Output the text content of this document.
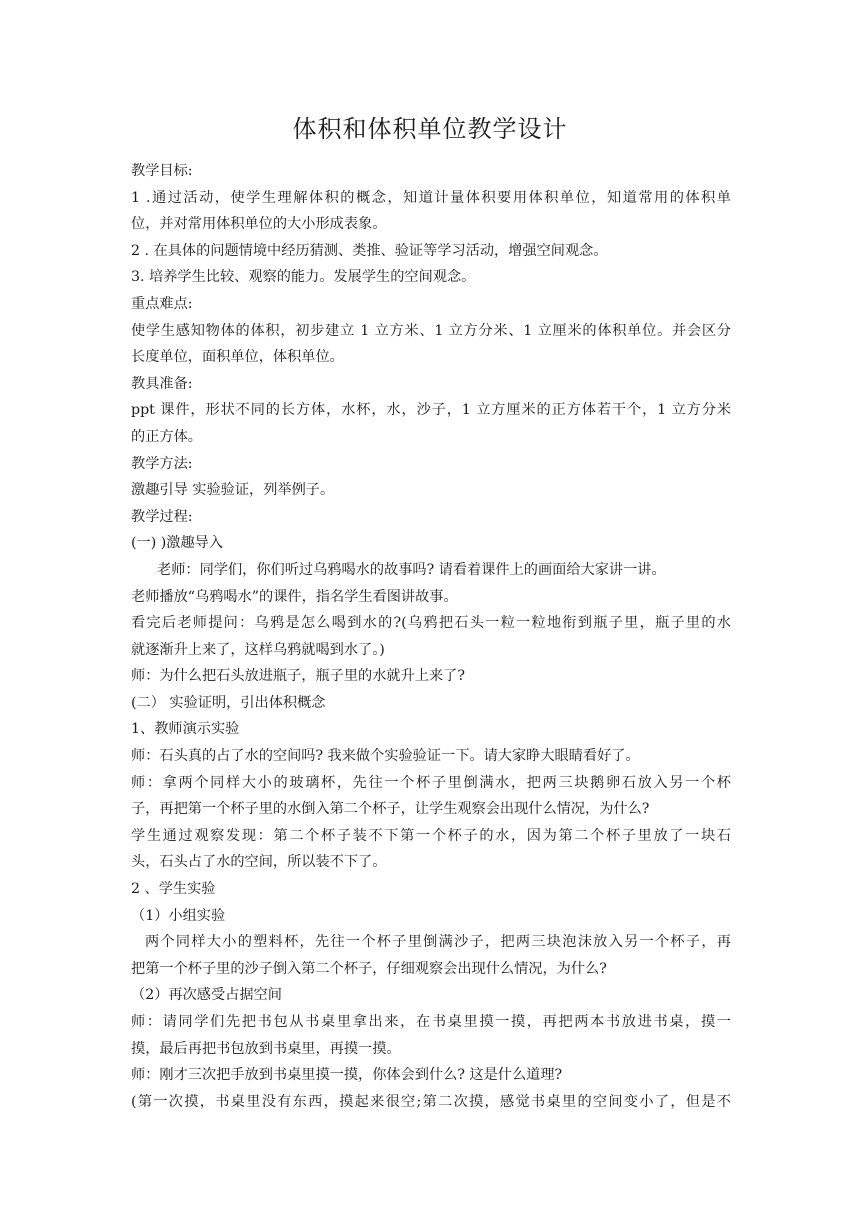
体积和体积单位教学设计
教学目标:
1 .通过活动，使学生理解体积的概念，知道计量体积要用体积单位，知道常用的体积单
位，并对常用体积单位的大小形成表象。
2 . 在具体的问题情境中经历猜测、类推、验证等学习活动，增强空间观念。
3. 培养学生比较、观察的能力。发展学生的空间观念。
重点难点:
使学生感知物体的体积，初步建立 1 立方米、1 立方分米、1 立厘米的体积单位。并会区分
长度单位，面积单位，体积单位。
教具准备:
ppt 课件，形状不同的长方体，水杯，水，沙子，1 立方厘米的正方体若干个，1 立方分米
的正方体。
教学方法:
激趣引导 实验验证，列举例子。
教学过程:
(一) )激趣导入
老师：同学们，你们听过乌鸦喝水的故事吗? 请看着课件上的画面给大家讲一讲。
老师播放“乌鸦喝水”的课件，指名学生看图讲故事。
看完后老师提问：乌鸦是怎么喝到水的?(乌鸦把石头一粒一粒地衔到瓶子里，瓶子里的水
就逐渐升上来了，这样乌鸦就喝到水了。)
师：为什么把石头放进瓶子，瓶子里的水就升上来了?
(二） 实验证明，引出体积概念
1、教师演示实验
师：石头真的占了水的空间吗? 我来做个实验验证一下。请大家睁大眼睛看好了。
师：拿两个同样大小的玻璃杯，先往一个杯子里倒满水，把两三块鹅卵石放入另一个杯
子，再把第一个杯子里的水倒入第二个杯子，让学生观察会出现什么情况，为什么?
学生通过观察发现：第二个杯子装不下第一个杯子的水，因为第二个杯子里放了一块石
头，石头占了水的空间，所以装不下了。
2 、学生实验
（1）小组实验
两个同样大小的塑料杯，先往一个杯子里倒满沙子，把两三块泡沫放入另一个杯子，再
把第一个杯子里的沙子倒入第二个杯子，仔细观察会出现什么情况，为什么?
（2）再次感受占据空间
师：请同学们先把书包从书桌里拿出来，在书桌里摸一摸，再把两本书放进书桌，摸一
摸，最后再把书包放到书桌里，再摸一摸。
师：刚才三次把手放到书桌里摸一摸，你体会到什么? 这是什么道理?
(第一次摸，书桌里没有东西，摸起来很空;第二次摸，感觉书桌里的空间变小了，但是不
